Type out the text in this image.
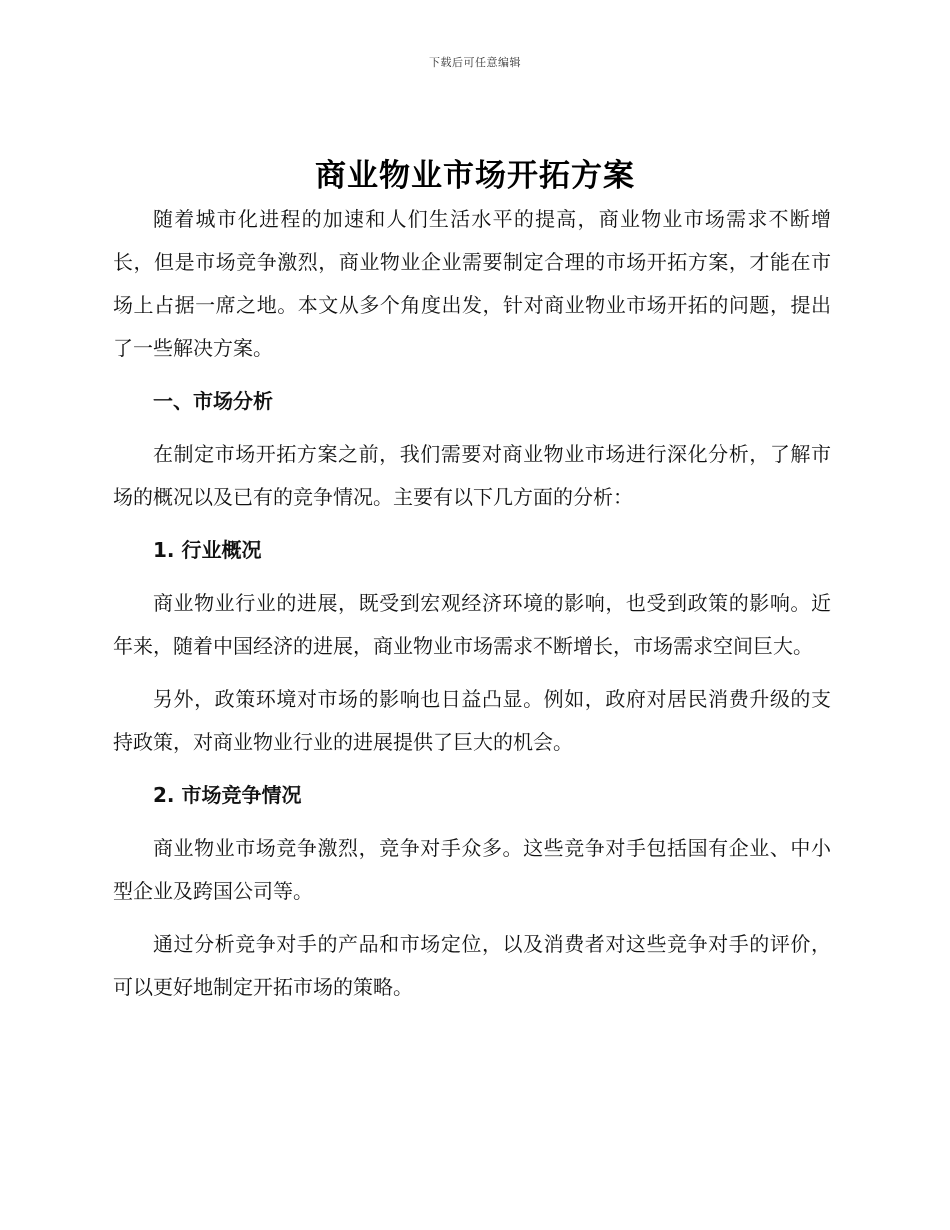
下载后可任意编辑
商业物业市场开拓方案

随着城市化进程的加速和人们生活水平的提高，商业物业市场需求不断增长，但是市场竞争激烈，商业物业企业需要制定合理的市场开拓方案，才能在市场上占据一席之地。本文从多个角度出发，针对商业物业市场开拓的问题，提出了一些解决方案。

一、市场分析

在制定市场开拓方案之前，我们需要对商业物业市场进行深化分析，了解市场的概况以及已有的竞争情况。主要有以下几方面的分析：

1. 行业概况

商业物业行业的进展，既受到宏观经济环境的影响，也受到政策的影响。近年来，随着中国经济的进展，商业物业市场需求不断增长，市场需求空间巨大。

另外，政策环境对市场的影响也日益凸显。例如，政府对居民消费升级的支持政策，对商业物业行业的进展提供了巨大的机会。

2. 市场竞争情况

商业物业市场竞争激烈，竞争对手众多。这些竞争对手包括国有企业、中小型企业及跨国公司等。

通过分析竞争对手的产品和市场定位，以及消费者对这些竞争对手的评价，可以更好地制定开拓市场的策略。
